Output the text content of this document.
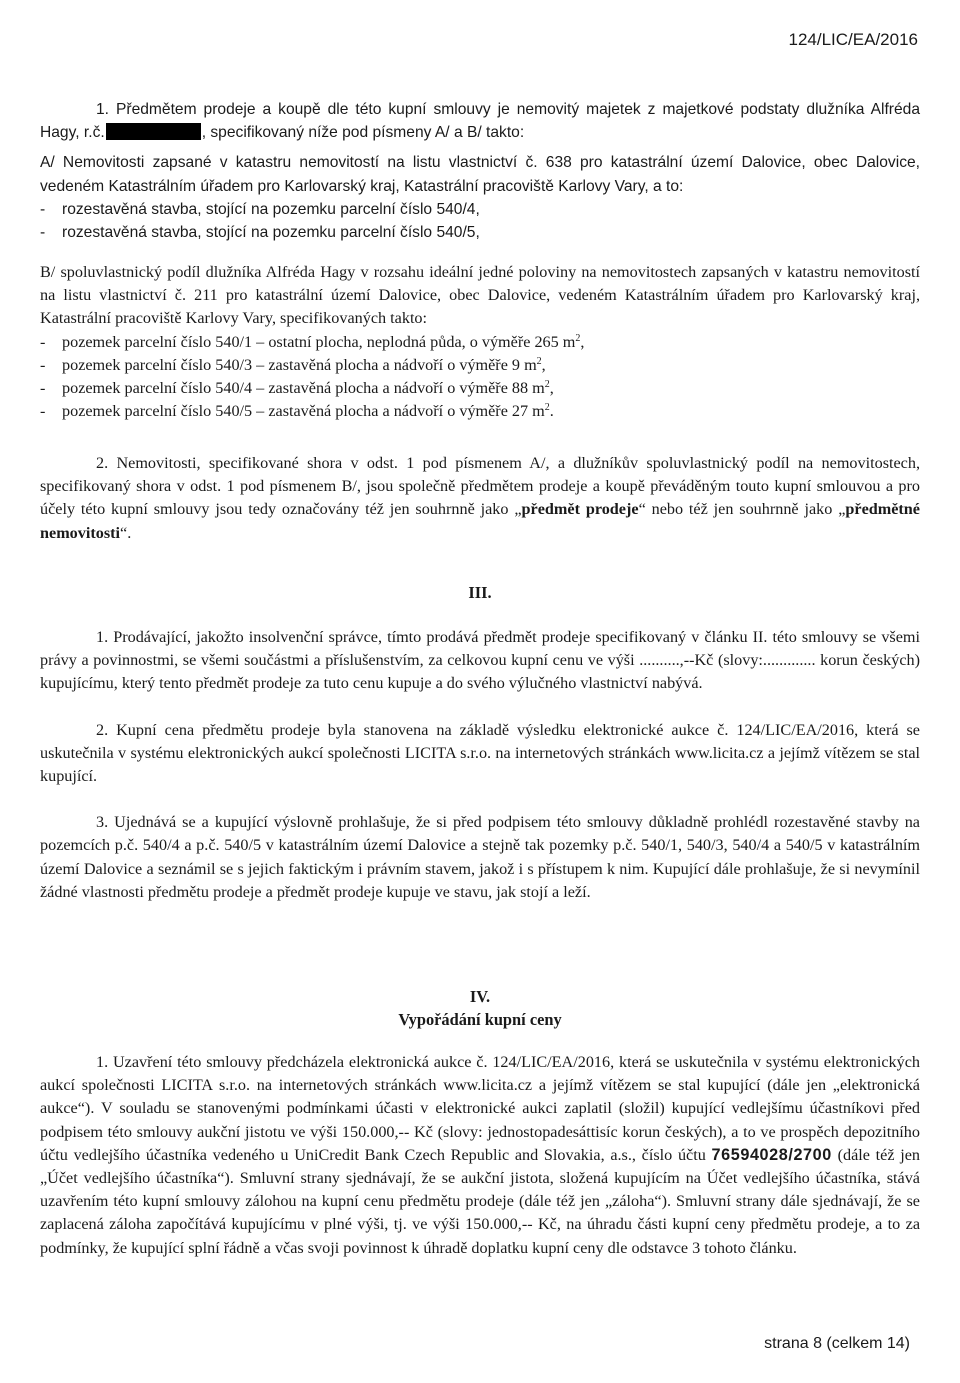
124/LIC/EA/2016

1. Předmětem prodeje a koupě dle této kupní smlouvy je nemovitý majetek z majetkové podstaty dlužníka Alfréda Hagy, r.č.	, specifikovaný níže pod písmeny A/ a B/ takto:

A/ Nemovitosti zapsané v katastru nemovitostí na listu vlastnictví č. 638 pro katastrální území Dalovice, obec Dalovice, vedeném Katastrálním úřadem pro Karlovarský kraj, Katastrální pracoviště Karlovy Vary, a to:

- rozestavěná stavba, stojící na pozemku parcelní číslo 540/4,

- rozestavěná stavba, stojící na pozemku parcelní číslo 540/5,

B/ spoluvlastnický podíl dlužníka Alfréda Hagy v rozsahu ideální jedné poloviny na nemovitostech zapsaných v katastru nemovitostí na listu vlastnictví č. 211 pro katastrální území Dalovice, obec Dalovice, vedeném Katastrálním úřadem pro Karlovarský kraj, Katastrální pracoviště Karlovy Vary, specifikovaných takto:

- pozemek parcelní číslo 540/1 – ostatní plocha, neplodná půda, o výměře 265 $m^2$,

- pozemek parcelní číslo 540/3 – zastavěná plocha a nádvoří o výměře 9 $m^2$,

- pozemek parcelní číslo 540/4 – zastavěná plocha a nádvoří o výměře 88 $m^2$,

- pozemek parcelní číslo 540/5 – zastavěná plocha a nádvoří o výměře 27 $m^2$.

2. Nemovitosti, specifikované shora v odst. 1 pod písmenem A/, a dlužníkův spoluvlastnický podíl na nemovitostech, specifikovaný shora v odst. 1 pod písmenem B/, jsou společně předmětem prodeje a koupě převáděným touto kupní smlouvou a pro účely této kupní smlouvy jsou tedy označovány též jen souhrnně jako „předmět prodeje“ nebo též jen souhrnně jako „předmětné nemovitosti“.

III.

1. Prodávající, jakožto insolvenční správce, tímto prodává předmět prodeje specifikovaný v článku II. této smlouvy se všemi právy a povinnostmi, se všemi součástmi a příslušenstvím, za celkovou kupní cenu ve výši ..........,--Kč (slovy:............. korun českých) kupujícímu, který tento předmět prodeje za tuto cenu kupuje a do svého výlučného vlastnictví nabývá.

2. Kupní cena předmětu prodeje byla stanovena na základě výsledku elektronické aukce č. 124/LIC/EA/2016, která se uskutečnila v systému elektronických aukcí společnosti LICITA s.r.o. na internetových stránkách www.licita.cz a jejímž vítězem se stal kupující.

3. Ujednává se a kupující výslovně prohlašuje, že si před podpisem této smlouvy důkladně prohlédl rozestavěné stavby na pozemcích p.č. 540/4 a p.č. 540/5 v katastrálním území Dalovice a stejně tak pozemky p.č. 540/1, 540/3, 540/4 a 540/5 v katastrálním území Dalovice a seznámil se s jejich faktickým i právním stavem, jakož i s přístupem k nim. Kupující dále prohlašuje, že si nevymínil žádné vlastnosti předmětu prodeje a předmět prodeje kupuje ve stavu, jak stojí a leží.

IV.
Vypořádání kupní ceny

1. Uzavření této smlouvy předcházela elektronická aukce č. 124/LIC/EA/2016, která se uskutečnila v systému elektronických aukcí společnosti LICITA s.r.o. na internetových stránkách www.licita.cz a jejímž vítězem se stal kupující (dále jen „elektronická aukce“). V souladu se stanovenými podmínkami účasti v elektronické aukci zaplatil (složil) kupující vedlejšímu účastníkovi před podpisem této smlouvy aukční jistotu ve výši 150.000,-- Kč (slovy: jednostopadesáttisíc korun českých), a to ve prospěch depozitního účtu vedlejšího účastníka vedeného u UniCredit Bank Czech Republic and Slovakia, a.s., číslo účtu 76594028/2700 (dále též jen „Účet vedlejšího účastníka“). Smluvní strany sjednávají, že se aukční jistota, složená kupujícím na Účet vedlejšího účastníka, stává uzavřením této kupní smlouvy zálohou na kupní cenu předmětu prodeje (dále též jen „záloha“). Smluvní strany dále sjednávají, že se zaplacená záloha započítává kupujícímu v plné výši, tj. ve výši 150.000,-- Kč, na úhradu části kupní ceny předmětu prodeje, a to za podmínky, že kupující splní řádně a včas svoji povinnost k úhradě doplatku kupní ceny dle odstavce 3 tohoto článku.

strana 8 (celkem 14)
